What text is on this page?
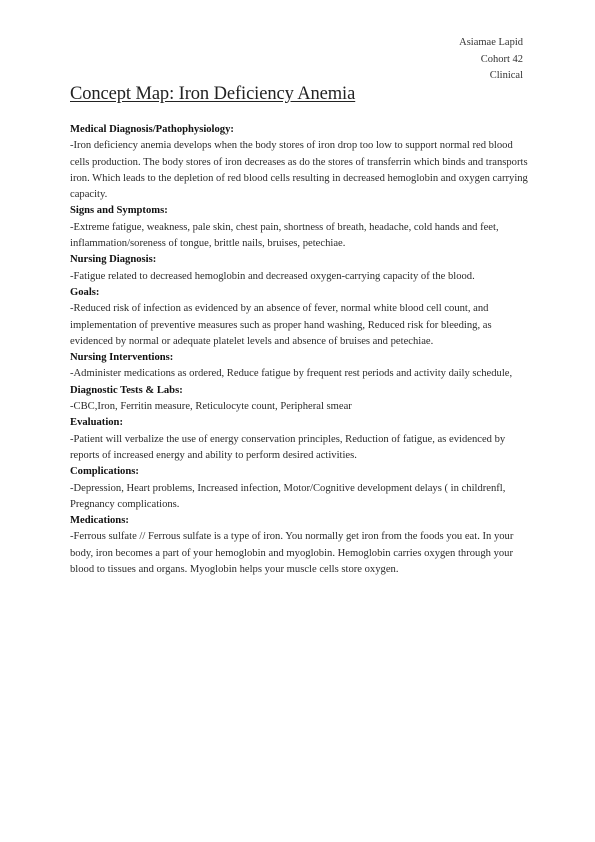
Asiamae Lapid
Cohort 42
Clinical
Concept Map: Iron Deficiency Anemia

Medical Diagnosis/Pathophysiology:

-Iron deficiency anemia develops when the body stores of iron drop too low to support normal red blood cells production. The body stores of iron decreases as do the stores of transferrin which binds and transports iron. Which leads to the depletion of red blood cells resulting in decreased hemoglobin and oxygen carrying capacity.

Signs and Symptoms:

-Extreme fatigue, weakness, pale skin, chest pain, shortness of breath, headache, cold hands and feet, inflammation/soreness of tongue, brittle nails, bruises, petechiae.

Nursing Diagnosis:

-Fatigue related to decreased hemoglobin and decreased oxygen-carrying capacity of the blood.

Goals:

-Reduced risk of infection as evidenced by an absence of fever, normal white blood cell count, and implementation of preventive measures such as proper hand washing, Reduced risk for bleeding, as evidenced by normal or adequate platelet levels and absence of bruises and petechiae.

Nursing Interventions:

-Administer medications as ordered, Reduce fatigue by frequent rest periods and activity daily schedule,

Diagnostic Tests & Labs:

-CBC,Iron, Ferritin measure, Reticulocyte count, Peripheral smear

Evaluation:

-Patient will verbalize the use of energy conservation principles, Reduction of fatigue, as evidenced by reports of increased energy and ability to perform desired activities.

Complications:

-Depression, Heart problems, Increased infection, Motor/Cognitive development delays ( in childrenfl, Pregnancy complications.

Medications:

-Ferrous sulfate // Ferrous sulfate is a type of iron. You normally get iron from the foods you eat. In your body, iron becomes a part of your hemoglobin and myoglobin. Hemoglobin carries oxygen through your blood to tissues and organs. Myoglobin helps your muscle cells store oxygen.
